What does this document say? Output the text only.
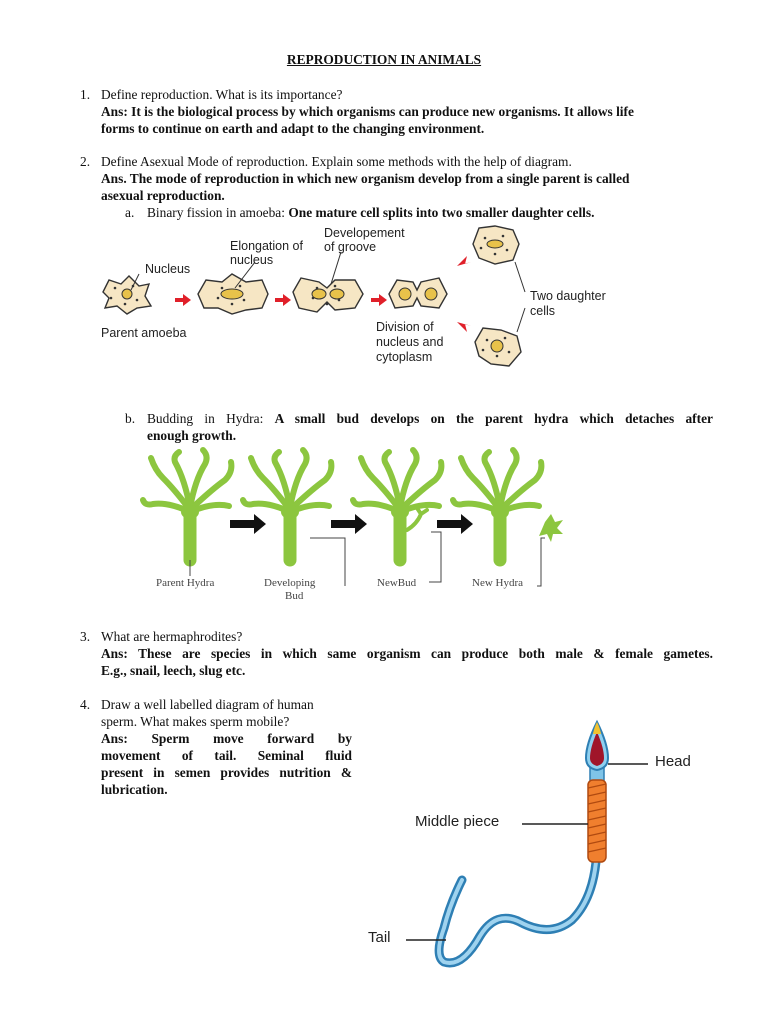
REPRODUCTION IN ANIMALS
1. Define reproduction. What is its importance?
Ans: It is the biological process by which organisms can produce new organisms. It allows life
forms to continue on earth and adapt to the changing environment.
2. Define Asexual Mode of reproduction. Explain some methods with the help of diagram.
Ans. The mode of reproduction in which new organism develop from a single parent is called
asexual reproduction.
a. Binary fission in amoeba: One mature cell splits into two smaller daughter cells.
Nucleus
Parent amoeba
Elongation of
nucleus
Developement
of groove
Division of
nucleus and
cytoplasm
Two daughter
cells
b. Budding in Hydra: A small bud develops on the parent hydra which detaches after
enough growth.
Parent Hydra	Developing
Bud
NewBud	New Hydra
3. What are hermaphrodites?
Ans: These are species in which same organism can produce both male & female gametes.
E.g., snail, leech, slug etc.
4. Draw a well labelled diagram of human
sperm. What makes sperm mobile?
Ans: Sperm move forward by
movement of tail. Seminal fluid
present in semen provides nutrition &
lubrication.
Head
Middle piece
Tail
